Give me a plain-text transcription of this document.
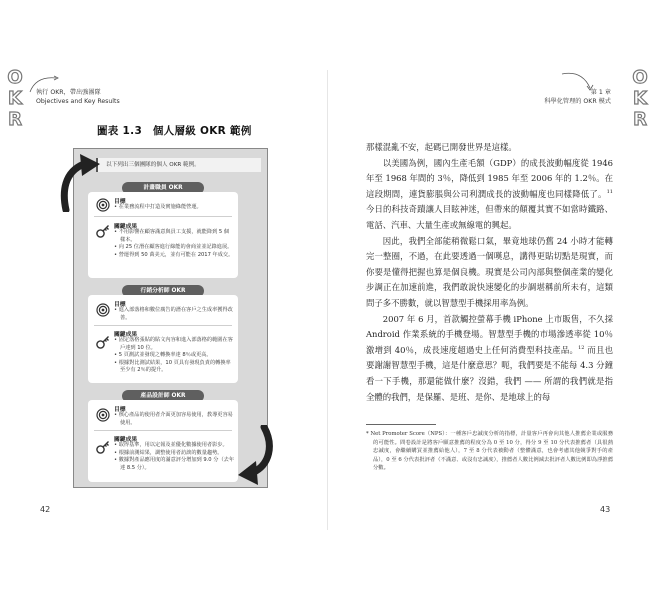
O
K
R
執行 OKR，帶出強團隊
Objectives and Key Results
圖表 1.3　個人層級 OKR 範例
以下列出三個團隊的個人 OKR 範例。
計畫職員 OKR
目標
• 在業務流程中打造及實施綠能營運。
關鍵成果
• 不用影響在顧客滿意與員工支援，就能降到 5 個樣本。
• 向 25 位潛在顧客進行綠能的會商並並記錄進展。
• 營運得到 50 萬美元，並有可能在 2017 年成交。
行銷分析師 OKR
目標
• 進入部落格和數位廣告的潛在客戶之生成率獲得改善。
關鍵成果
• 固定落格張貼的貼文內容和進入部落格的範圍在客戶達到 10 位。
• 5 頁測試並發現之轉換率達 8％或更高。
• 根據對比測試結果，10 頁具有發現負責的轉換率至少有 2％的提升。
產品設計師 OKR
目標
• 核心產品的使用者介面更加容易使用，教導更容易使用。
關鍵成果
• 取得基準，用以定報及並優化數據使用者影步。
• 根據前測結果，調整使用者訪談的數量趨勢。
• 數據對產品應用度的滿意評分增加到 9.0 分（去年達 8.5 分）。
42
第 1 章
科學化管理的 OKR 模式
O
K
R

那樣混亂不安，起碼已開發世界是這樣。

以美國為例，國內生產毛額（GDP）的成長波動幅度從 1946 年至 1968 年間的 3％，降低到 1985 年至 2006 年的 1.2％。在這段期間，連貨膨脹與公司利潤成長的波動幅度也同樣降低了。$^{11}$ 今日的科技奇蹟讓人目眩神迷，但帶來的顛覆其實不如當時鐵路、電話、汽車、大量生產或無線電的興起。

因此，我們全部能稍微鬆口氣，畢竟地球仍舊 24 小時才能轉完一整圈，不過，在此要透過一個嘆息，講得更貼切點是現實，而你要是懂得把握也算是個良機。現實是公司內部與整個產業的變化步調正在加速前進，我們敢說快速變化的步調堪稱前所未有，這類問子多不勝數，就以智慧型手機採用率為例。

2007 年 6 月，首款觸控螢幕手機 iPhone 上市販售，不久採 Android 作業系統的手機登場。智慧型手機的市場滲透率從 10％激增到 40％，成長速度超過史上任何消費型科技產品。$^{12}$ 而且也要謝謝智慧型手機，這是什麼意思？呃，我們要是不能每 4.3 分鐘看一下手機，那還能做什麼？沒錯，我們 —— 所謂的我們就是指全體的我們，是保羅、是班、是你、是地球上的每

* Net Promoter Score（NPS）：一種客戶忠誠度分析的指標，計量客戶再會向其他人推薦企業或服務的可能性。問卷設計是將客戶願意推薦的程度分為 0 至 10 分，得分 9 至 10 分代表推薦者（具很熱忠誠度，會繼續購買並推薦給他人），7 至 8 分代表被動者（整體滿意，也會考慮其他競爭對手的產品），0 至 6 分代表批評者（不滿意、或沒有忠誠度），推薦者人數比例減去批評者人數比例即為淨推薦分數。
43
